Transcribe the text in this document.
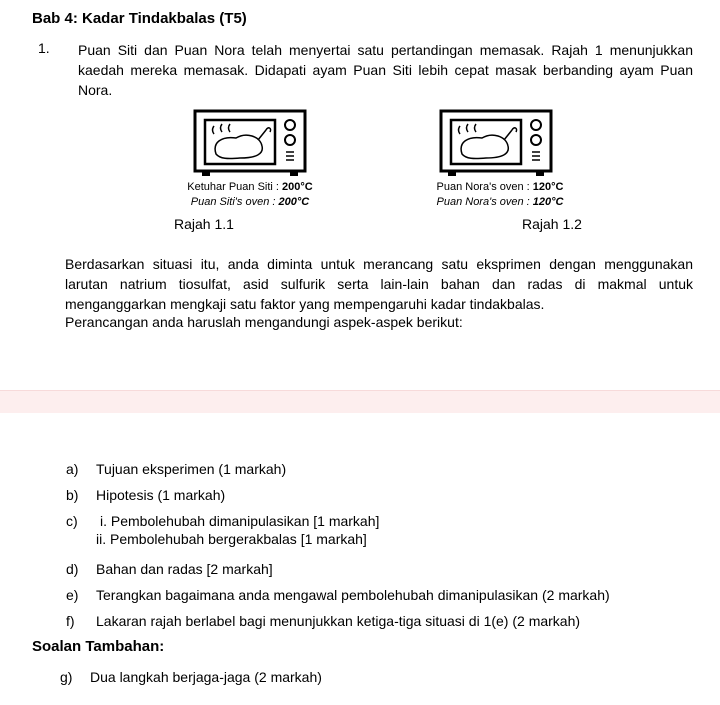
Bab 4: Kadar Tindakbalas (T5)
1. Puan Siti dan Puan Nora telah menyertai satu pertandingan memasak. Rajah 1 menunjukkan kaedah mereka memasak. Didapati ayam Puan Siti lebih cepat masak berbanding ayam Puan Nora.
Ketuhar Puan Siti : 200°C
Puan Siti's oven : 200°C
Rajah 1.1
Puan Nora's oven : 120°C
Puan Nora's oven : 120°C
Rajah 1.2
Berdasarkan situasi itu, anda diminta untuk merancang satu eksprimen dengan menggunakan larutan natrium tiosulfat, asid sulfurik serta lain-lain bahan dan radas di makmal untuk menganggarkan mengkaji satu faktor yang mempengaruhi kadar tindakbalas.
Perancangan anda haruslah mengandungi aspek-aspek berikut:
a) Tujuan eksperimen (1 markah)
b) Hipotesis (1 markah)
c) i. Pembolehubah dimanipulasikan [1 markah]
ii. Pembolehubah bergerakbalas [1 markah]
d) Bahan dan radas [2 markah]
e) Terangkan bagaimana anda mengawal pembolehubah dimanipulasikan (2 markah)
f) Lakaran rajah berlabel bagi menunjukkan ketiga-tiga situasi di 1(e) (2 markah)
Soalan Tambahan:
g) Dua langkah berjaga-jaga (2 markah)
